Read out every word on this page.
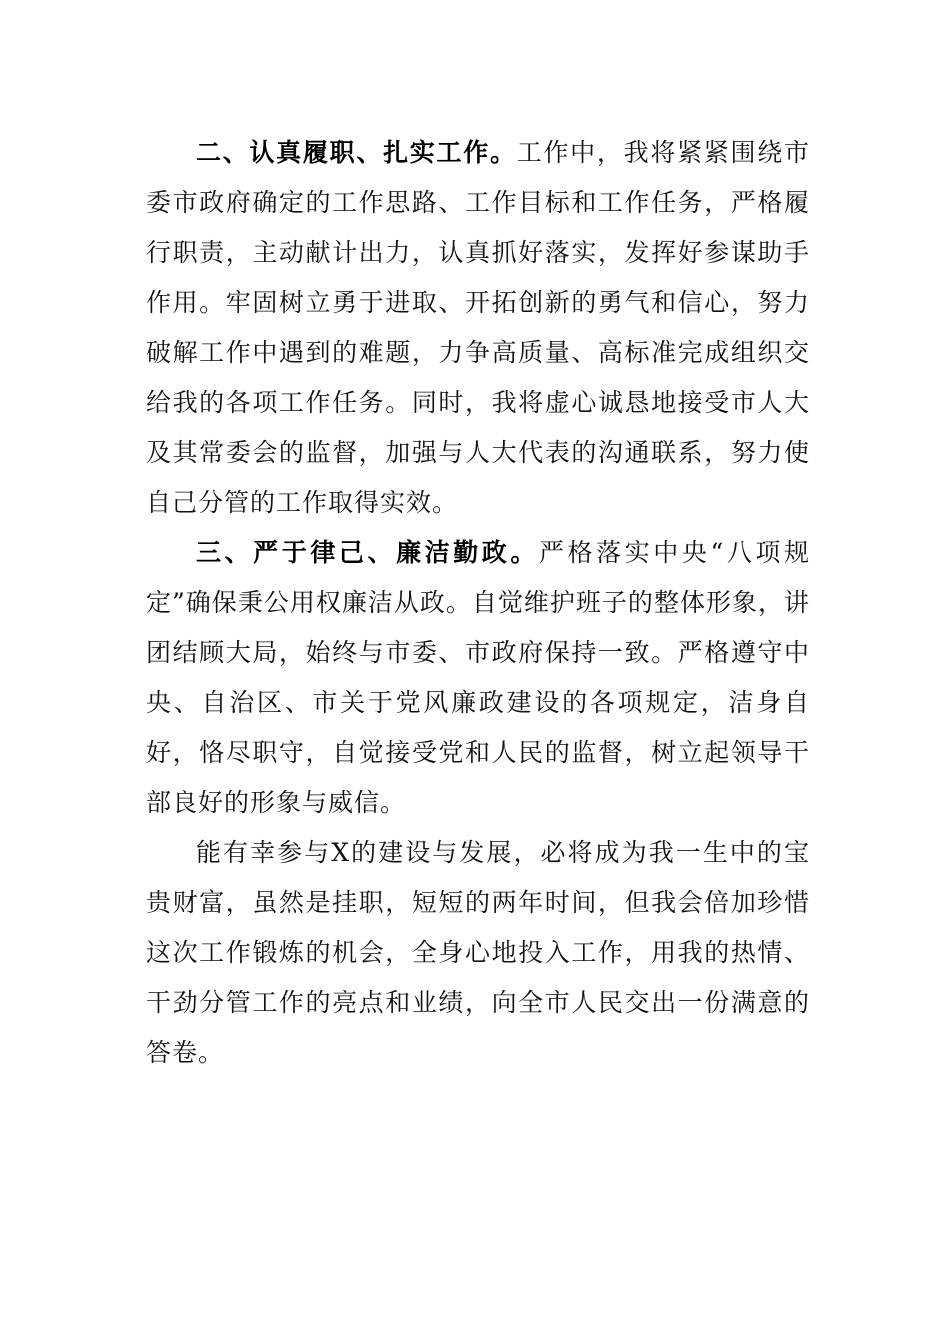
二、认真履职、扎实工作。工作中，我将紧紧围绕市委市政府确定的工作思路、工作目标和工作任务，严格履行职责，主动献计出力，认真抓好落实，发挥好参谋助手作用。牢固树立勇于进取、开拓创新的勇气和信心，努力破解工作中遇到的难题，力争高质量、高标准完成组织交给我的各项工作任务。同时，我将虚心诚恳地接受市人大及其常委会的监督，加强与人大代表的沟通联系，努力使自己分管的工作取得实效。

三、严于律己、廉洁勤政。严格落实中央“八项规定”确保秉公用权廉洁从政。自觉维护班子的整体形象，讲团结顾大局，始终与市委、市政府保持一致。严格遵守中央、自治区、市关于党风廉政建设的各项规定，洁身自好，恪尽职守，自觉接受党和人民的监督，树立起领导干部良好的形象与威信。

能有幸参与X的建设与发展，必将成为我一生中的宝贵财富，虽然是挂职，短短的两年时间，但我会倍加珍惜这次工作锻炼的机会，全身心地投入工作，用我的热情、干劲分管工作的亮点和业绩，向全市人民交出一份满意的答卷。
